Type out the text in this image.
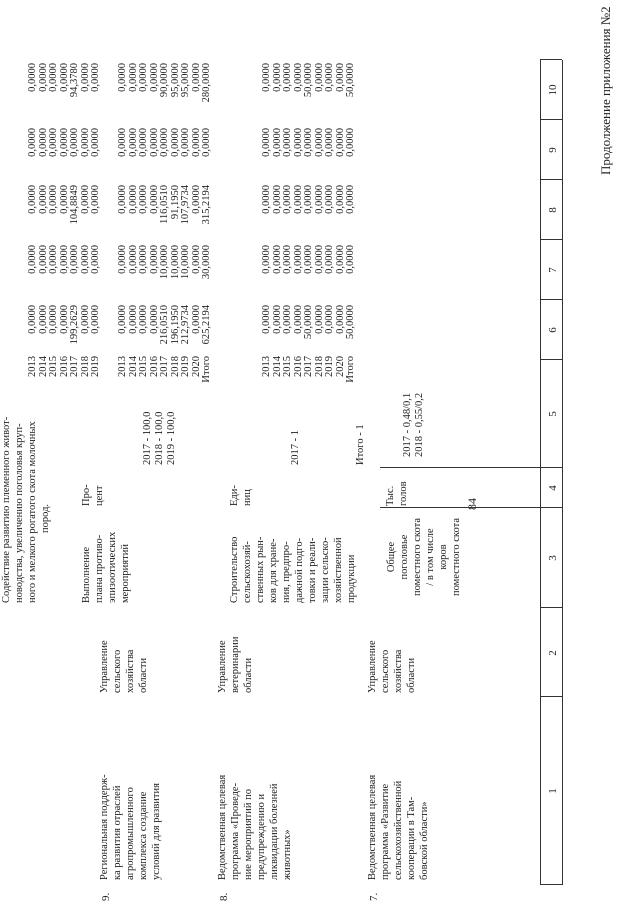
84
Продолжение приложения №2
1
2
3
4
5
6
7
8
9
10
Общее поголовье поместного скота / в том числе коров поместного скота
Тыс. голов
2017 - 0,48/0,1 2018 - 0,55/0,2
7.
Ведомственная целевая программа «Развитие сельскохозяйственной кооперации в Там- бовской области»
Управление сельского хозяйства области
Строительство сельскохозяй- ственных рын- ков для хране- ния, предпро- дажной подго- товки и реали- зации сельско- хозяйственной продукции
Еди- ниц
2017 - 1	Итого - 1
2013 2014 2015 2016 2017 2018 2019 2020 Итого
0,0000 0,0000 0,0000 0,0000 50,0000 0,0000 0,0000 0,0000 50,0000
0,0000 0,0000 0,0000 0,0000 0,0000 0,0000 0,0000 0,0000 0,0000
0,0000 0,0000 0,0000 0,0000 0,0000 0,0000 0,0000 0,0000 0,0000
0,0000 0,0000 0,0000 0,0000 0,0000 0,0000 0,0000 0,0000 0,0000
0,0000 0,0000 0,0000 0,0000 50,0000 0,0000 0,0000 0,0000 50,0000
8.
Ведомственная целевая программа «Проведе- ние мероприятий по предупреждению и ликвидации болезней животных»
Управление ветеринарии области
Выполнение плана противо- эпизоотических мероприятий
Про- цент
2017 - 100,0 2018 - 100,0 2019 - 100,0
2013 2014 2015 2016 2017 2018 2019 2020 Итого
0,0000 0,0000 0,0000 0,0000 216,0510 196,1950 212,9734 0,0000 625,2194
0,0000 0,0000 0,0000 0,0000 10,0000 10,0000 10,0000 0,0000 30,0000
0,0000 0,0000 0,0000 0,0000 116,0510 91,1950 107,9734 0,0000 315,2194
0,0000 0,0000 0,0000 0,0000 0,0000 0,0000 0,0000 0,0000 0,0000
0,0000 0,0000 0,0000 0,0000 90,0000 95,0000 95,0000 0,0000 280,0000
9.
Региональная поддерж- ка развития отраслей агропромышленного комплекса создание условий для развития
Управление сельского хозяйства области
Содействие развитию племенного живот- новодства, увеличению поголовья круп- ного и мелкого рогатого скота молочных пород.
2013 2014 2015 2016 2017 2018 2019
0,0000 0,0000 0,0000 0,0000 199,2629 0,0000 0,0000
0,0000 0,0000 0,0000 0,0000 0,0000 0,0000 0,0000
0,0000 0,0000 0,0000 0,0000 104,8849 0,0000 0,0000
0,0000 0,0000 0,0000 0,0000 0,0000 0,0000 0,0000
0,0000 0,0000 0,0000 0,0000 94,3780 0,0000 0,0000
